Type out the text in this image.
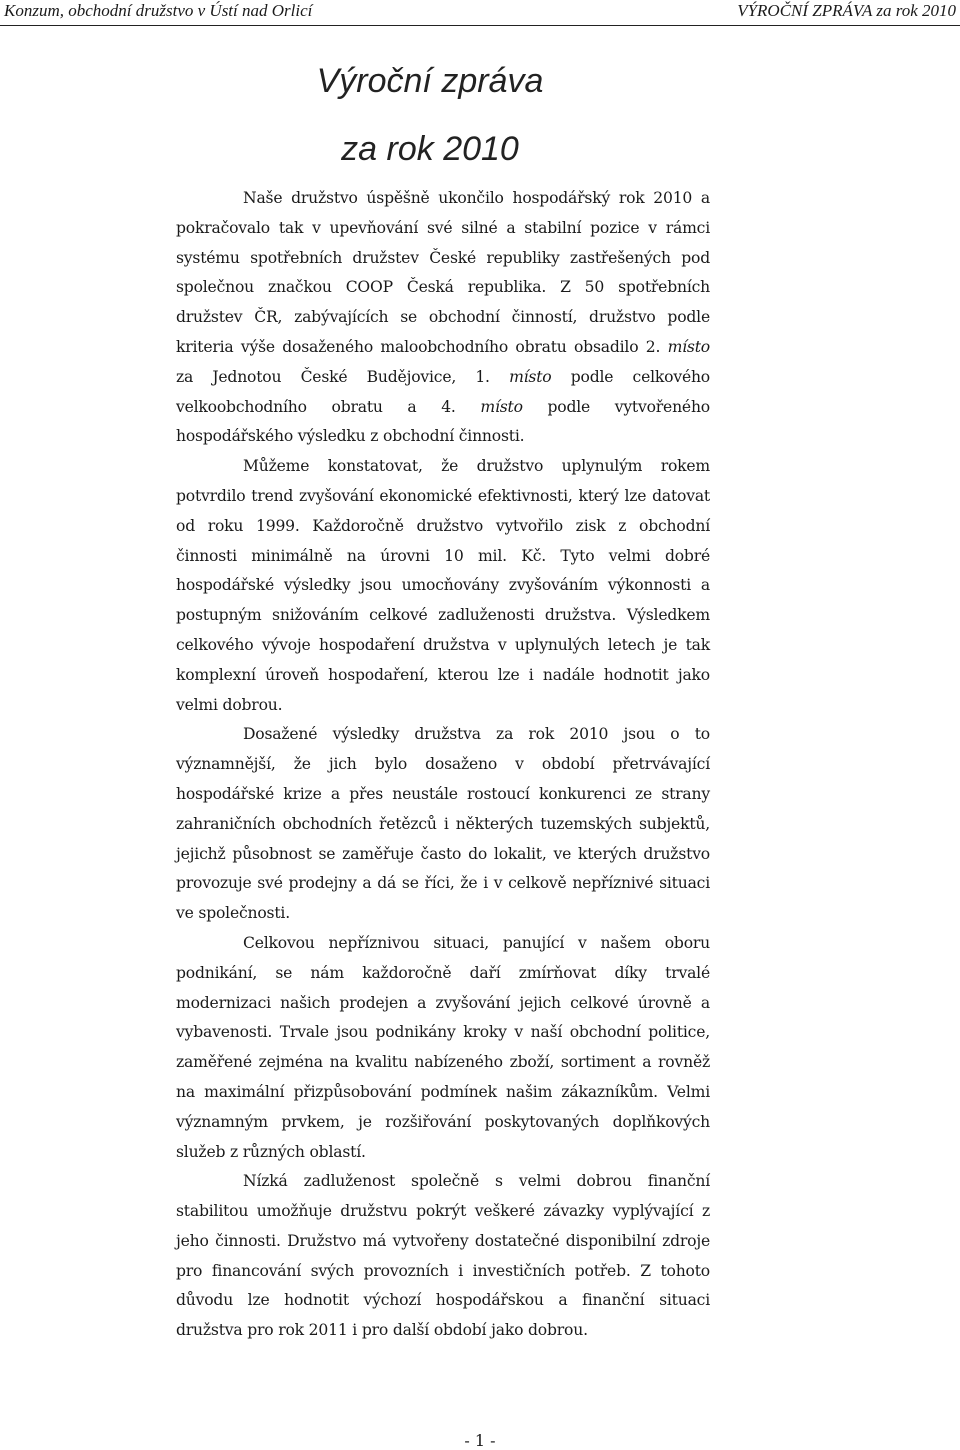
Konzum, obchodní družstvo v Ústí nad Orlicí	VÝROČNÍ ZPRÁVA za rok 2010
Výroční zpráva
za rok 2010

Naše družstvo úspěšně ukončilo hospodářský rok 2010 a pokračovalo tak v upevňování své silné a stabilní pozice v rámci systému spotřebních družstev České republiky zastřešených pod společnou značkou COOP Česká republika. Z 50 spotřebních družstev ČR, zabývajících se obchodní činností, družstvo podle kriteria výše dosaženého maloobchodního obratu obsadilo 2. místo za Jednotou České Budějovice, 1. místo podle celkového velkoobchodního obratu a 4. místo podle vytvořeného hospodářského výsledku z obchodní činnosti.

Můžeme konstatovat, že družstvo uplynulým rokem potvrdilo trend zvyšování ekonomické efektivnosti, který lze datovat od roku 1999. Každoročně družstvo vytvořilo zisk z obchodní činnosti minimálně na úrovni 10 mil. Kč. Tyto velmi dobré hospodářské výsledky jsou umocňovány zvyšováním výkonnosti a postupným snižováním celkové zadluženosti družstva. Výsledkem celkového vývoje hospodaření družstva v uplynulých letech je tak komplexní úroveň hospodaření, kterou lze i nadále hodnotit jako velmi dobrou.

Dosažené výsledky družstva za rok 2010 jsou o to významnější, že jich bylo dosaženo v období přetrvávající hospodářské krize a přes neustále rostoucí konkurenci ze strany zahraničních obchodních řetězců i některých tuzemských subjektů, jejichž působnost se zaměřuje často do lokalit, ve kterých družstvo provozuje své prodejny a dá se říci, že i v celkově nepříznivé situaci ve společnosti.

Celkovou nepříznivou situaci, panující v našem oboru podnikání, se nám každoročně daří zmírňovat díky trvalé modernizaci našich prodejen a zvyšování jejich celkové úrovně a vybavenosti. Trvale jsou podnikány kroky v naší obchodní politice, zaměřené zejména na kvalitu nabízeného zboží, sortiment a rovněž na maximální přizpůsobování podmínek našim zákazníkům. Velmi významným prvkem, je rozšiřování poskytovaných doplňkových služeb z různých oblastí.

Nízká zadluženost společně s velmi dobrou finanční stabilitou umožňuje družstvu pokrýt veškeré závazky vyplývající z jeho činnosti. Družstvo má vytvořeny dostatečné disponibilní zdroje pro financování svých provozních i investičních potřeb. Z tohoto důvodu lze hodnotit výchozí hospodářskou a finanční situaci družstva pro rok 2011 i pro další období jako dobrou.

- 1 -
